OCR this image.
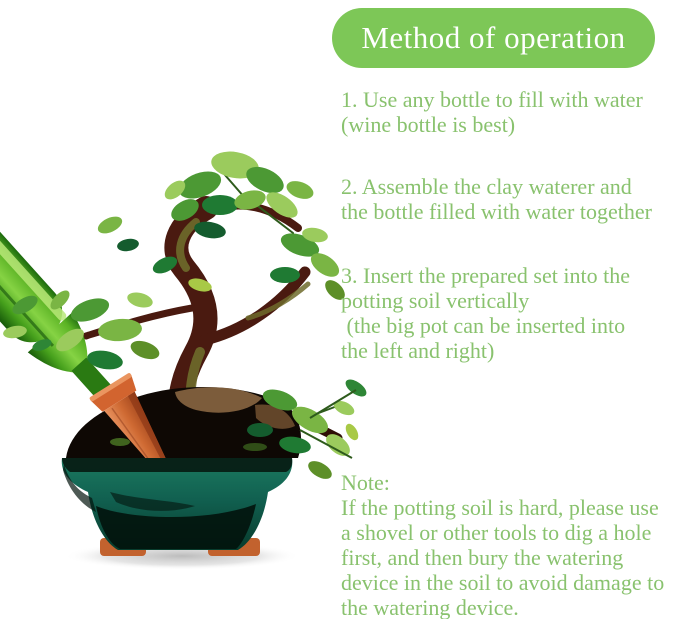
Method of operation
1. Use any bottle to fill with water
(wine bottle is best)
2. Assemble the clay waterer and
the bottle filled with water together
3. Insert the prepared set into the
potting soil vertically
(the big pot can be inserted into
the left and right)
Note:
If the potting soil is hard, please use
a shovel or other tools to dig a hole
first, and then bury the watering
device in the soil to avoid damage to
the watering device.
